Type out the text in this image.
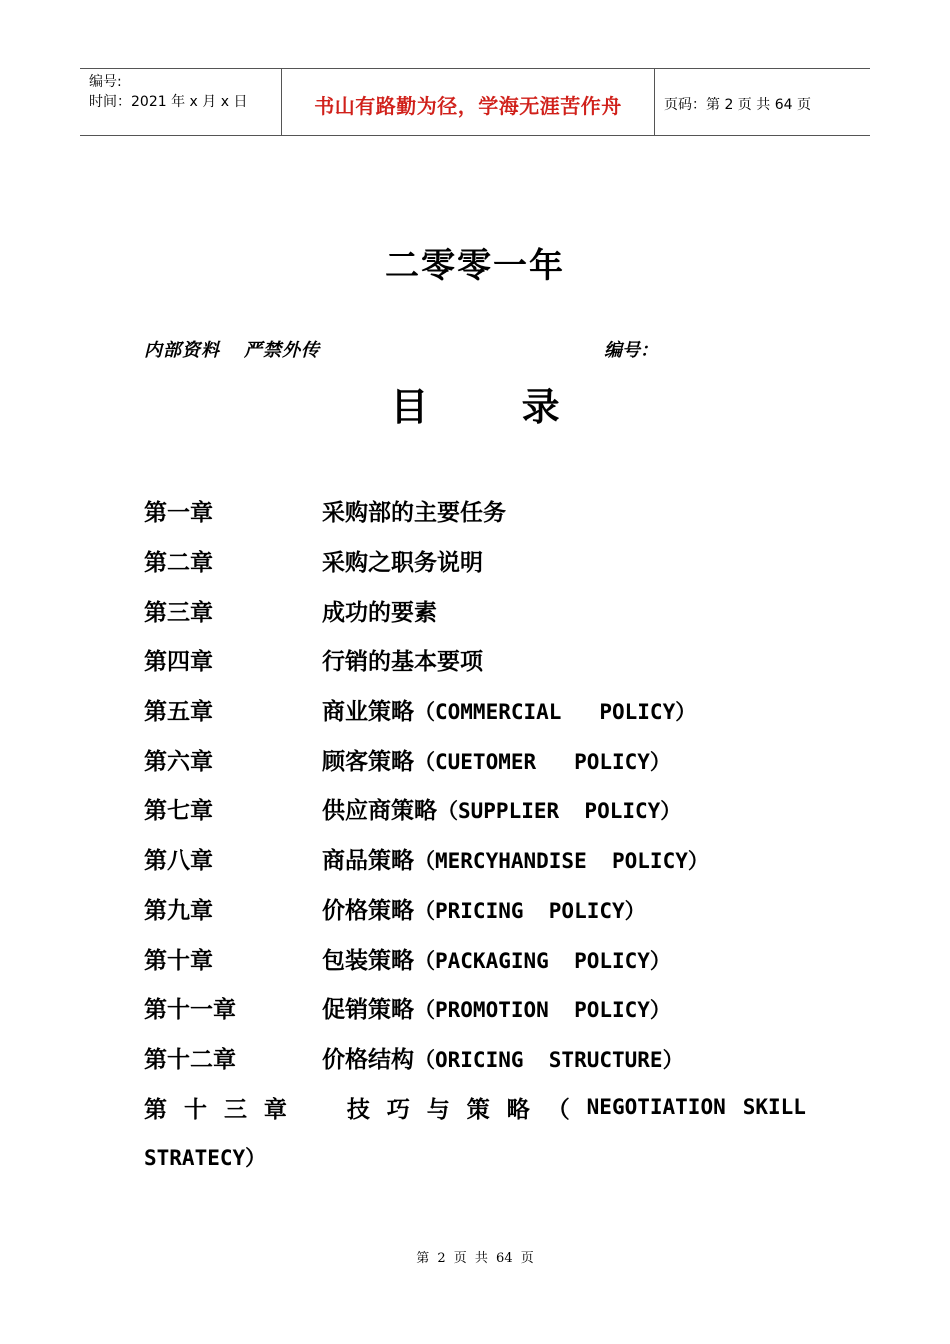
编号:
时间：2021 年 x 月 x 日	书山有路勤为径，学海无涯苦作舟	页码：第 2 页 共 64 页
二零零一年
内部资料 严禁外传	编号：
目 录
第一章	采购部的主要任务
第二章	采购之职务说明
第三章	成功的要素
第四章	行销的基本要项
第五章	商业策略（COMMERCIAL   POLICY）
第六章	顾客策略（CUETOMER   POLICY）
第七章	供应商策略（SUPPLIER  POLICY）
第八章	商品策略（MERCYHANDISE  POLICY）
第九章	价格策略（PRICING  POLICY）
第十章	包装策略（PACKAGING  POLICY）
第十一章	促销策略（PROMOTION  POLICY）
第十二章	价格结构（ORICING  STRUCTURE）
第 十 三 章	技 巧 与 策 略 （ NEGOTIATION SKILL
STRATECY）
第 2 页 共 64 页
